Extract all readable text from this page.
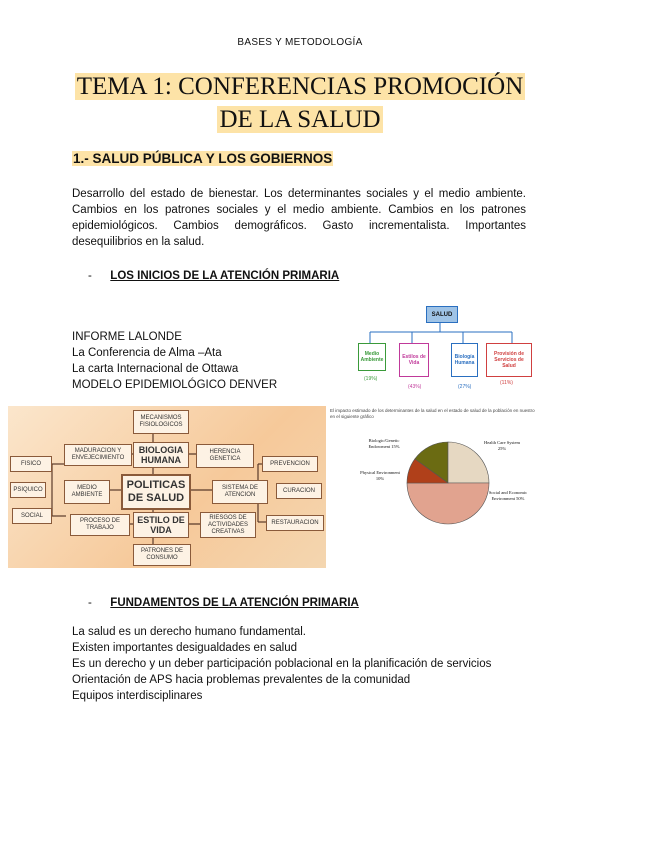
BASES Y METODOLOGÍA
TEMA 1: CONFERENCIAS PROMOCIÓN
DE LA SALUD
1.- SALUD PÚBLICA Y LOS GOBIERNOS
Desarrollo del estado de bienestar. Los determinantes sociales y el medio ambiente. Cambios en los patrones sociales y el medio ambiente. Cambios en los patrones epidemiológicos. Cambios demográficos. Gasto incrementalista. Importantes desequilibrios en la salud.
- LOS INICIOS DE LA ATENCIÓN PRIMARIA
INFORME LALONDE
La Conferencia de Alma –Ata
La carta Internacional de Ottawa
MODELO EPIDEMIOLÓGICO DENVER
SALUD
Medio Ambiente	Estilos de Vida
Biología Humana
Provisión de Servicios de Salud
(19%)
(43%)	(27%)
(11%)
MECANISMOS FISIOLOGICOS
BIOLOGIA HUMANA
MADURACION Y ENVEJECIMIENTO
HERENCIA GENETICA
POLITICAS DE SALUD
MEDIO AMBIENTE
SISTEMA DE ATENCION
FISICO
PSIQUICO
SOCIAL
PREVENCION
CURACION
RESTAURACION
ESTILO DE VIDA
PROCESO DE TRABAJO
RIESGOS DE ACTIVIDADES CREATIVAS
PATRONES DE CONSUMO
El impacto estimado de los determinantes de la salud en el estado de salud de la población en nuestro en el siguiente gráfico
Biologic/Genetic Endowment 15%
Health Care System 25%
Physical Environment 10%
Social and Economic Environment 50%
- FUNDAMENTOS DE LA ATENCIÓN PRIMARIA
La salud es un derecho humano fundamental.
Existen importantes desigualdades en salud
Es un derecho y un deber participación poblacional en la planificación de servicios
Orientación de APS hacia problemas prevalentes de la comunidad
Equipos interdisciplinares
